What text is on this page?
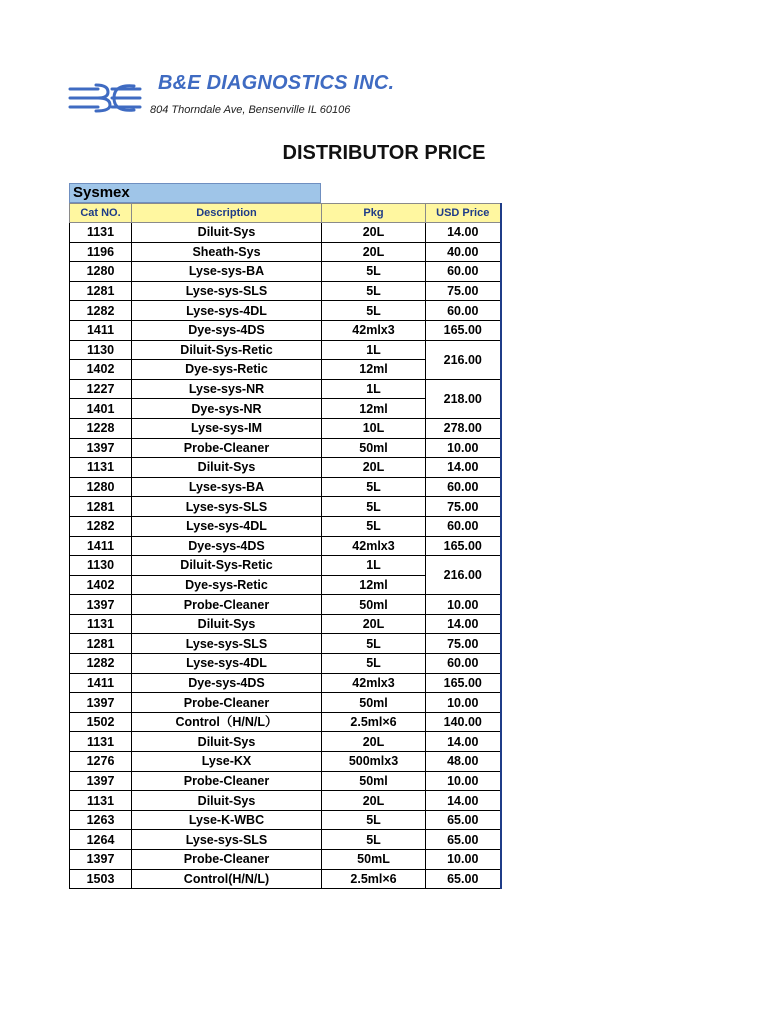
B&E DIAGNOSTICS INC.
804 Thorndale Ave, Bensenville IL 60106
DISTRIBUTOR PRICE
Sysmex
Cat NO.	Description	Pkg	USD Price
1131	Diluit-Sys	20L	14.00
1196	Sheath-Sys	20L	40.00
1280	Lyse-sys-BA	5L	60.00
1281	Lyse-sys-SLS	5L	75.00
1282	Lyse-sys-4DL	5L	60.00
1411	Dye-sys-4DS	42mlx3	165.00
1130	Diluit-Sys-Retic	1L	216.00
1402	Dye-sys-Retic	12ml	
1227	Lyse-sys-NR	1L	218.00
1401	Dye-sys-NR	12ml	
1228	Lyse-sys-IM	10L	278.00
1397	Probe-Cleaner	50ml	10.00
1131	Diluit-Sys	20L	14.00
1280	Lyse-sys-BA	5L	60.00
1281	Lyse-sys-SLS	5L	75.00
1282	Lyse-sys-4DL	5L	60.00
1411	Dye-sys-4DS	42mlx3	165.00
1130	Diluit-Sys-Retic	1L	216.00
1402	Dye-sys-Retic	12ml	
1397	Probe-Cleaner	50ml	10.00
1131	Diluit-Sys	20L	14.00
1281	Lyse-sys-SLS	5L	75.00
1282	Lyse-sys-4DL	5L	60.00
1411	Dye-sys-4DS	42mlx3	165.00
1397	Probe-Cleaner	50ml	10.00
1502	Control（H/N/L）	2.5ml×6	140.00
1131	Diluit-Sys	20L	14.00
1276	Lyse-KX	500mlx3	48.00
1397	Probe-Cleaner	50ml	10.00
1131	Diluit-Sys	20L	14.00
1263	Lyse-K-WBC	5L	65.00
1264	Lyse-sys-SLS	5L	65.00
1397	Probe-Cleaner	50mL	10.00
1503	Control(H/N/L)	2.5ml×6	65.00
